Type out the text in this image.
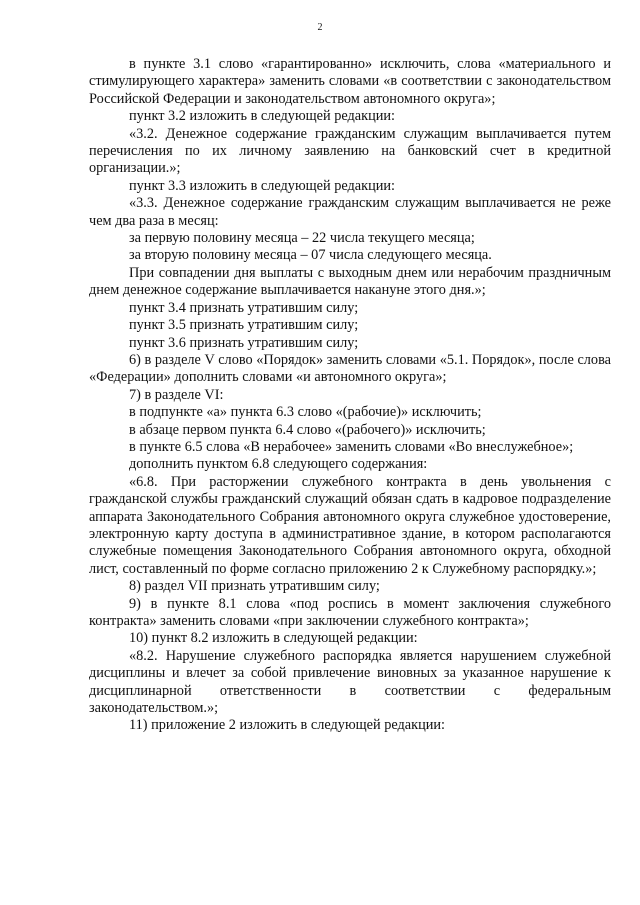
2

в пункте 3.1 слово «гарантированно» исключить, слова «материального и стимулирующего характера» заменить словами «в соответствии с законодательством Российской Федерации и законодательством автономного округа»;

пункт 3.2 изложить в следующей редакции:

«3.2. Денежное содержание гражданским служащим выплачивается путем перечисления по их личному заявлению на банковский счет в кредитной организации.»;

пункт 3.3 изложить в следующей редакции:

«3.3. Денежное содержание гражданским служащим выплачивается не реже чем два раза в месяц:

за первую половину месяца – 22 числа текущего месяца;

за вторую половину месяца – 07 числа следующего месяца.

При совпадении дня выплаты с выходным днем или нерабочим праздничным днем денежное содержание выплачивается накануне этого дня.»;

пункт 3.4 признать утратившим силу;

пункт 3.5 признать утратившим силу;

пункт 3.6 признать утратившим силу;

6) в разделе V слово «Порядок» заменить словами «5.1. Порядок», после слова «Федерации» дополнить словами «и автономного округа»;

7) в разделе VI:

в подпункте «а» пункта 6.3 слово «(рабочие)» исключить;

в абзаце первом пункта 6.4 слово «(рабочего)» исключить;

в пункте 6.5 слова «В нерабочее» заменить словами «Во внеслужебное»;

дополнить пунктом 6.8 следующего содержания:

«6.8. При расторжении служебного контракта в день увольнения с гражданской службы гражданский служащий обязан сдать в кадровое подразделение аппарата Законодательного Собрания автономного округа служебное удостоверение, электронную карту доступа в административное здание, в котором располагаются служебные помещения Законодательного Собрания автономного округа, обходной лист, составленный по форме согласно приложению 2 к Служебному распорядку.»;

8) раздел VII признать утратившим силу;

9) в пункте 8.1 слова «под роспись в момент заключения служебного контракта» заменить словами «при заключении служебного контракта»;

10) пункт 8.2 изложить в следующей редакции:

«8.2. Нарушение служебного распорядка является нарушением служебной дисциплины и влечет за собой привлечение виновных за указанное нарушение к дисциплинарной ответственности в соответствии с федеральным законодательством.»;

11) приложение 2 изложить в следующей редакции:
